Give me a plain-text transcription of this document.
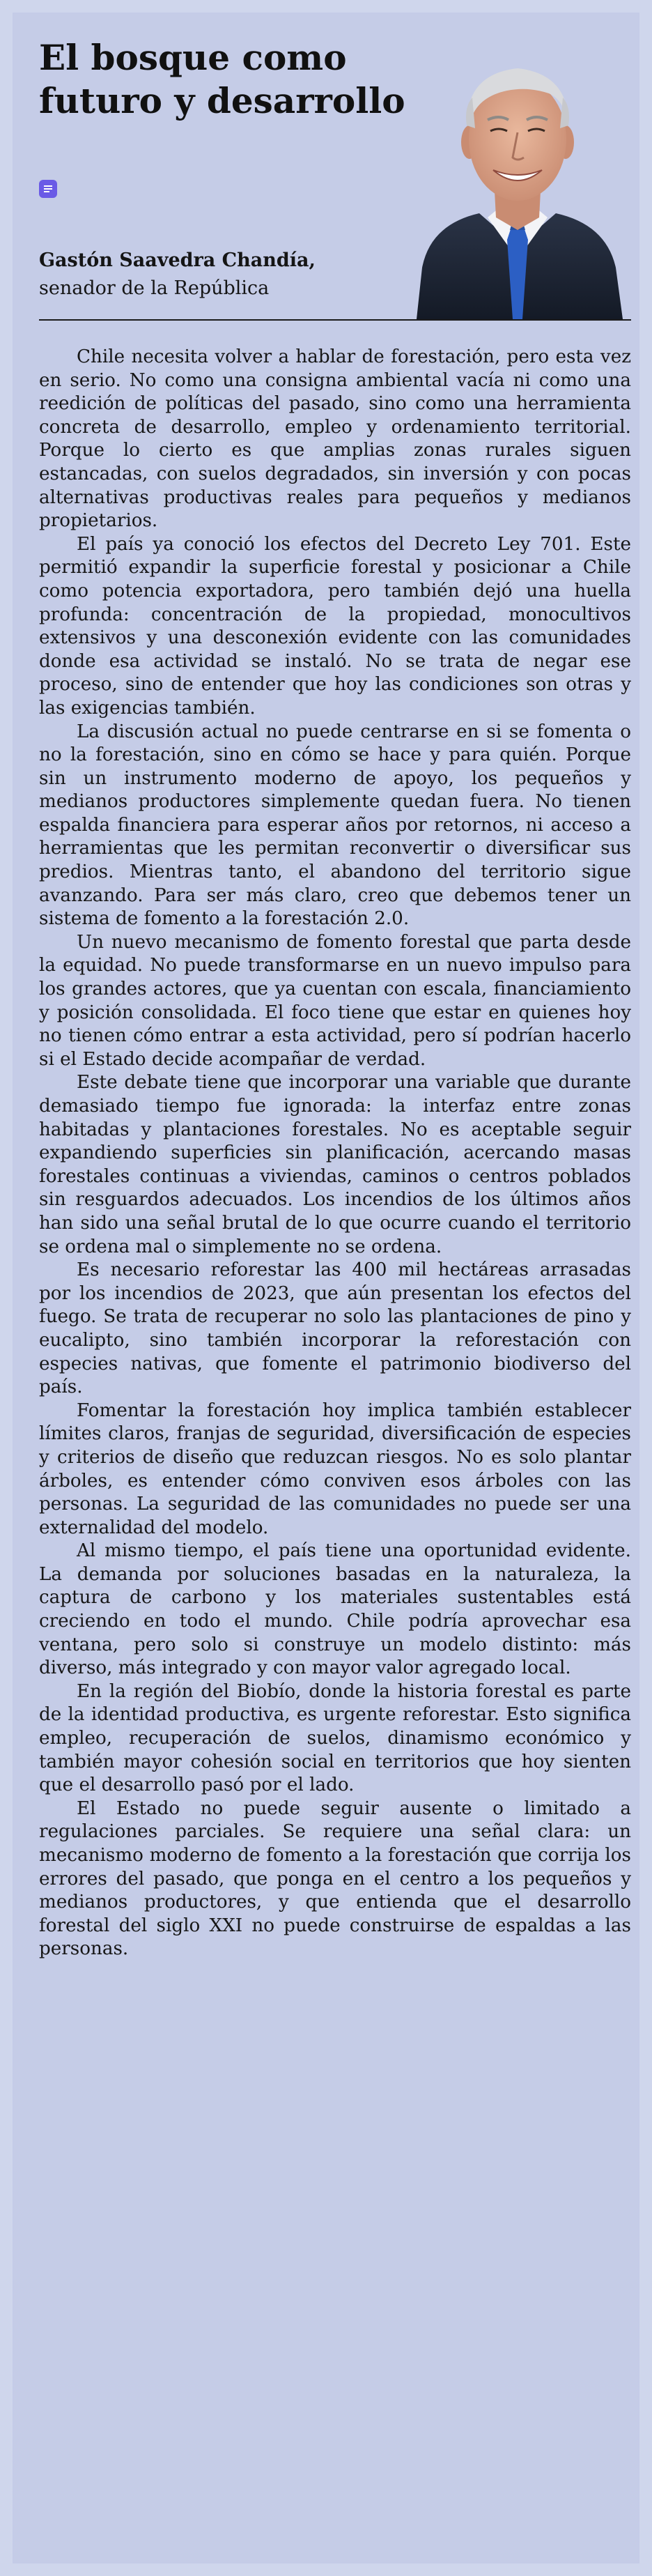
El bosque como futuro y desarrollo

Gastón Saavedra Chandía,

senador de la República

Chile necesita volver a hablar de forestación, pero esta vez en serio. No como una consigna ambiental vacía ni como una reedición de políticas del pasado, sino como una herramienta concreta de desarrollo, empleo y ordenamiento territorial. Porque lo cierto es que amplias zonas rurales siguen estancadas, con suelos degradados, sin inversión y con pocas alternativas productivas reales para pequeños y medianos propietarios.

El país ya conoció los efectos del Decreto Ley 701. Este permitió expandir la superficie forestal y posicionar a Chile como potencia exportadora, pero también dejó una huella profunda: concentración de la propiedad, monocultivos extensivos y una desconexión evidente con las comunidades donde esa actividad se instaló. No se trata de negar ese proceso, sino de entender que hoy las condiciones son otras y las exigencias también.

La discusión actual no puede centrarse en si se fomenta o no la forestación, sino en cómo se hace y para quién. Porque sin un instrumento moderno de apoyo, los pequeños y medianos productores simplemente quedan fuera. No tienen espalda financiera para esperar años por retornos, ni acceso a herramientas que les permitan reconvertir o diversificar sus predios. Mientras tanto, el abandono del territorio sigue avanzando. Para ser más claro, creo que debemos tener un sistema de fomento a la forestación 2.0.

Un nuevo mecanismo de fomento forestal que parta desde la equidad. No puede transformarse en un nuevo impulso para los grandes actores, que ya cuentan con escala, financiamiento y posición consolidada. El foco tiene que estar en quienes hoy no tienen cómo entrar a esta actividad, pero sí podrían hacerlo si el Estado decide acompañar de verdad.

Este debate tiene que incorporar una variable que durante demasiado tiempo fue ignorada: la interfaz entre zonas habitadas y plantaciones forestales. No es aceptable seguir expandiendo superficies sin planificación, acercando masas forestales continuas a viviendas, caminos o centros poblados sin resguardos adecuados. Los incendios de los últimos años han sido una señal brutal de lo que ocurre cuando el territorio se ordena mal o simplemente no se ordena.

Es necesario reforestar las 400 mil hectáreas arrasadas por los incendios de 2023, que aún presentan los efectos del fuego. Se trata de recuperar no solo las plantaciones de pino y eucalipto, sino también incorporar la reforestación con especies nativas, que fomente el patrimonio biodiverso del país.

Fomentar la forestación hoy implica también establecer límites claros, franjas de seguridad, diversificación de especies y criterios de diseño que reduzcan riesgos. No es solo plantar árboles, es entender cómo conviven esos árboles con las personas. La seguridad de las comunidades no puede ser una externalidad del modelo.

Al mismo tiempo, el país tiene una oportunidad evidente. La demanda por soluciones basadas en la naturaleza, la captura de carbono y los materiales sustentables está creciendo en todo el mundo. Chile podría aprovechar esa ventana, pero solo si construye un modelo distinto: más diverso, más integrado y con mayor valor agregado local.

En la región del Biobío, donde la historia forestal es parte de la identidad productiva, es urgente reforestar. Esto significa empleo, recuperación de suelos, dinamismo económico y también mayor cohesión social en territorios que hoy sienten que el desarrollo pasó por el lado.

El Estado no puede seguir ausente o limitado a regulaciones parciales. Se requiere una señal clara: un mecanismo moderno de fomento a la forestación que corrija los errores del pasado, que ponga en el centro a los pequeños y medianos productores, y que entienda que el desarrollo forestal del siglo XXI no puede construirse de espaldas a las personas.
